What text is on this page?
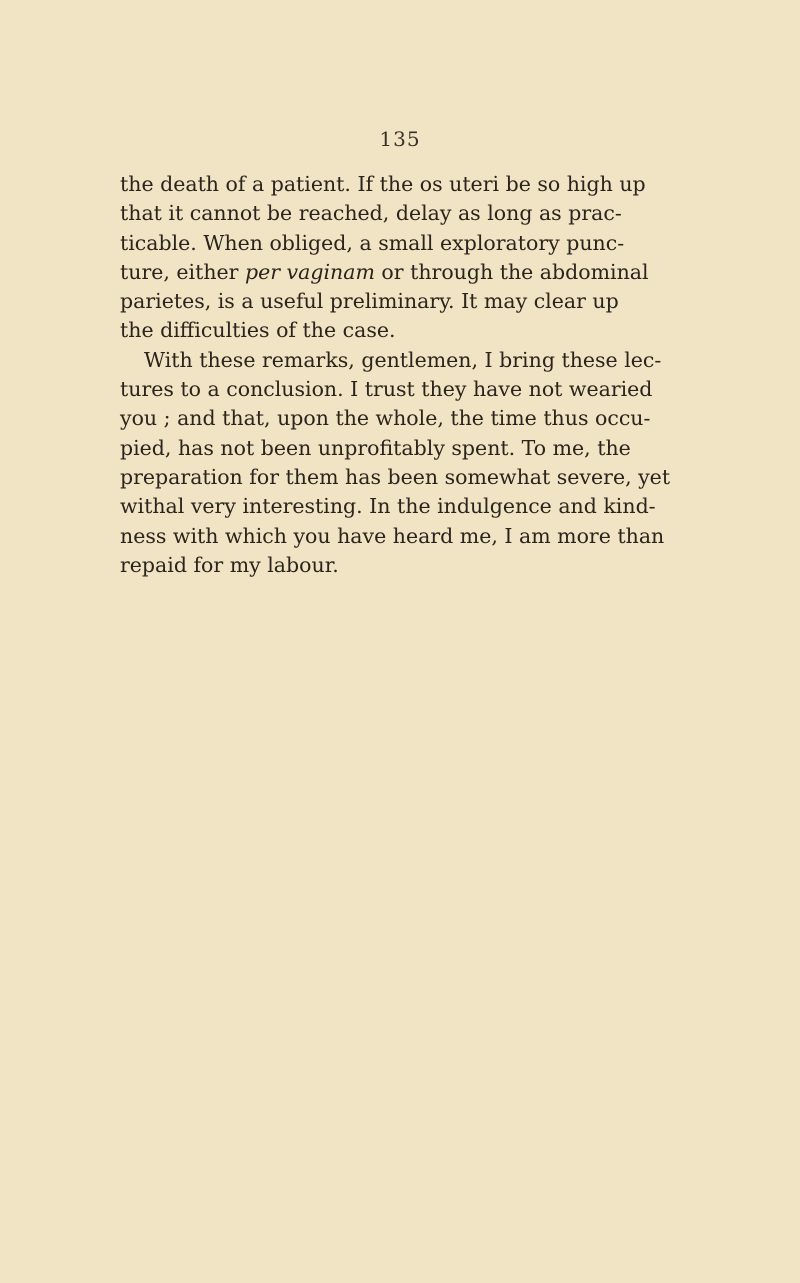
135
the death of a patient. If the os uteri be so high up
that it cannot be reached, delay as long as prac-
ticable. When obliged, a small exploratory punc-
ture, either per vaginam or through the abdominal
parietes, is a useful preliminary. It may clear up
the difficulties of the case.
With these remarks, gentlemen, I bring these lec-
tures to a conclusion. I trust they have not wearied
you ; and that, upon the whole, the time thus occu-
pied, has not been unprofitably spent. To me, the
preparation for them has been somewhat severe, yet
withal very interesting. In the indulgence and kind-
ness with which you have heard me, I am more than
repaid for my labour.
